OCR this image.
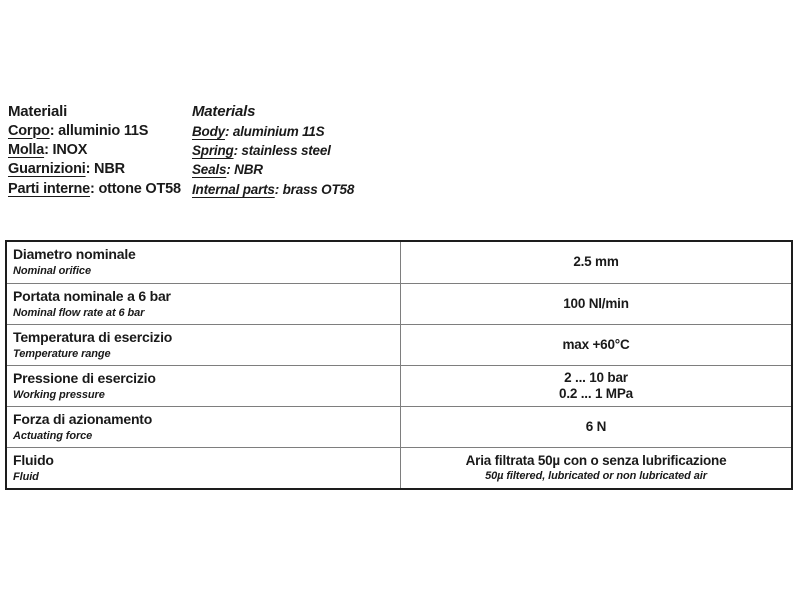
Materiali
Corpo: alluminio 11S
Molla: INOX
Guarnizioni: NBR
Parti interne: ottone OT58
Materials
Body: aluminium 11S
Spring: stainless steel
Seals: NBR
Internal parts: brass OT58
Diametro nominale
Nominal orifice
2.5 mm
Portata nominale a 6 bar
Nominal flow rate at 6 bar
100 Nl/min
Temperatura di esercizio
Temperature range
max +60°C
Pressione di esercizio
Working pressure
2 ... 10 bar
0.2 ... 1 MPa
Forza di azionamento
Actuating force
6 N
Fluido
Fluid
Aria filtrata 50µ con o senza lubrificazione
50µ filtered, lubricated or non lubricated air
